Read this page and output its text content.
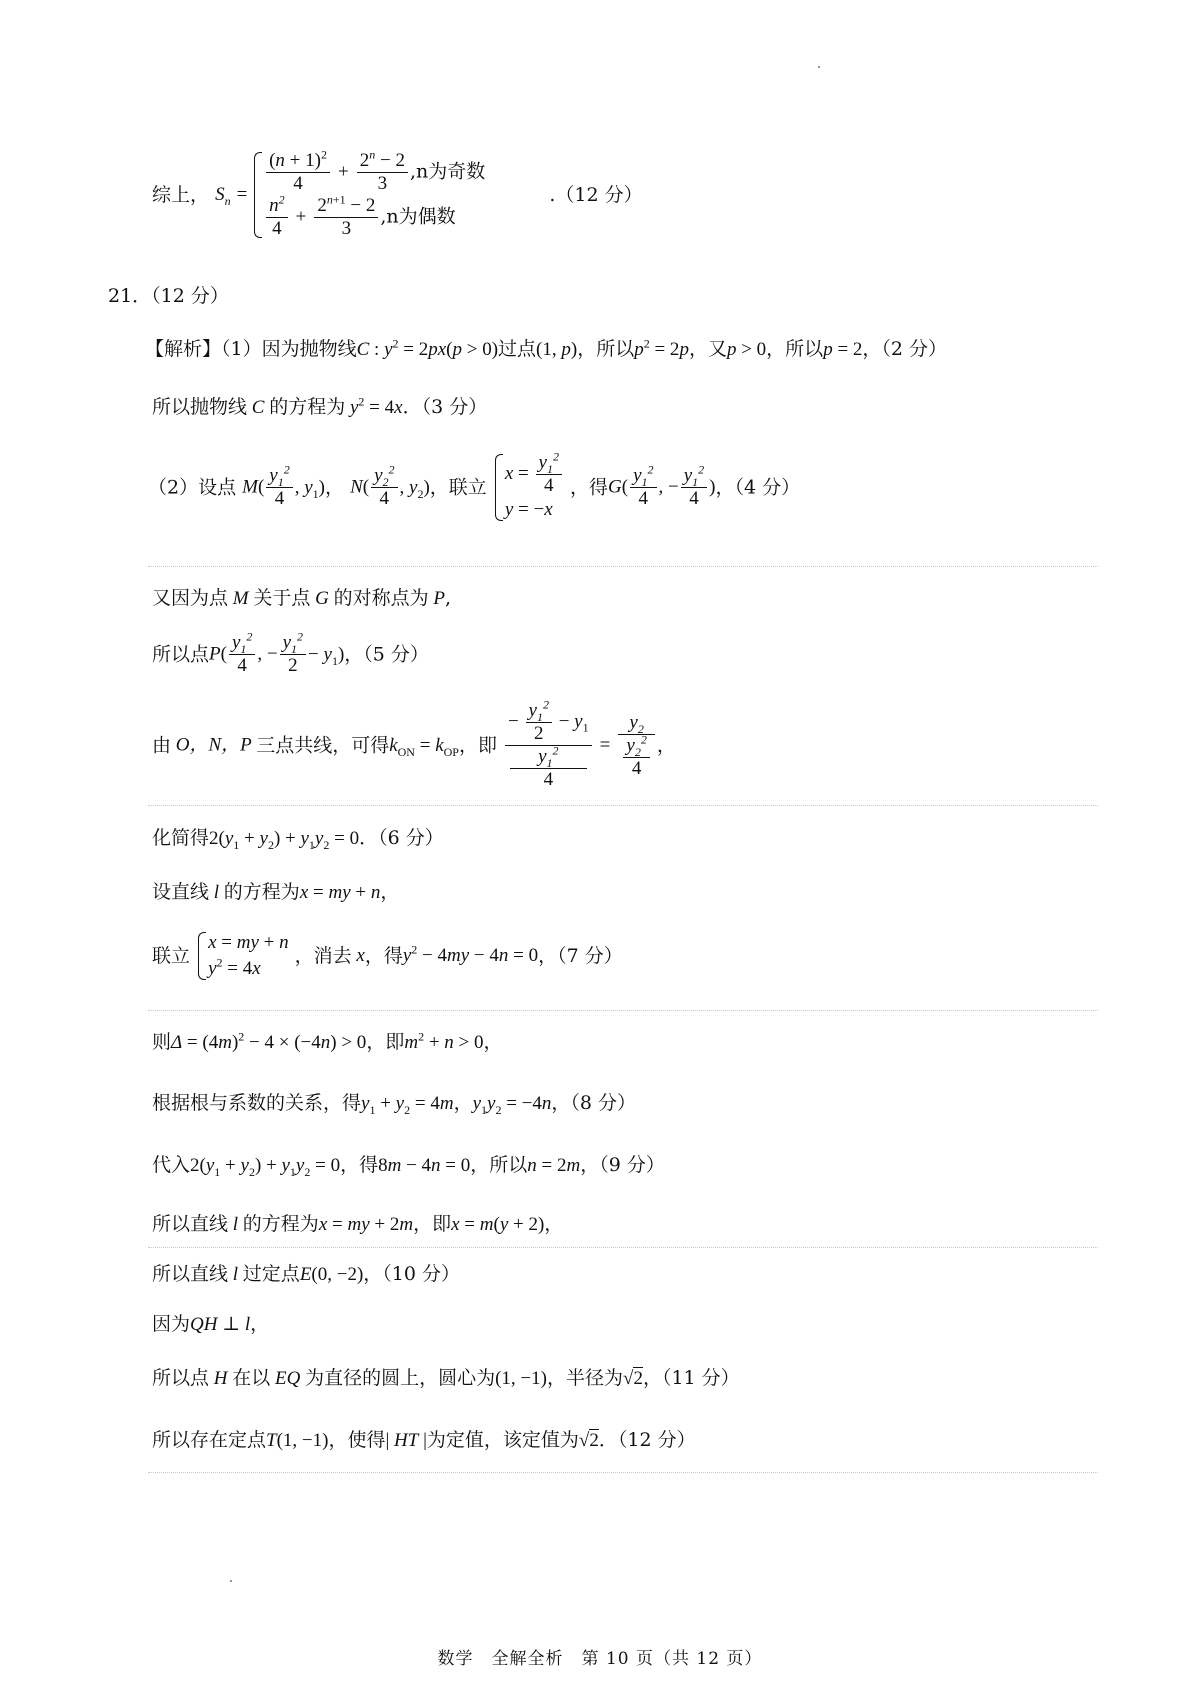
综上， $S_n = \frac{(n + 1)^2}{4} + \frac{2^n - 2}{3} ,n$为奇数
$\frac{n^2}{4} + \frac{2^{n+1} - 2}{3} ,n$为偶数
.（12 分）
21．（12 分）
【解析】（1）因为抛物线C : $y^2 = 2px(p > 0)$过点(1, p)，所以$p^2 = 2p$，又p > 0，所以p = 2，（2 分）
所以抛物线 C 的方程为 $y^2 = 4x$．（3 分）
（2）设点 $M( \frac{y_1^2}{4}$ , $y_1$)， $N( \frac{y_2^2}{4}$ , $y_2$)，联立
$x = \frac{y_1^2}{4}$
y = −x
，得$G( \frac{y_1^2}{4}$ , − $\frac{y_1^2}{4}$ )，（4 分）
又因为点 M 关于点 G 的对称点为 P,
所以点$P( \frac{y_1^2}{4}$ , − $\frac{y_1^2}{2} - y_1$)，（5 分）
由 O，N，P 三点共线，可得$k_{ON} = k_{OP}$，即 − $\frac{y_1^2}{2} - y_1$
$y_1^2$
$4 = y_2$
$y_2^2$
4 ，
化简得$2(y_1 + y_2) + y_1y_2 = 0$．（6 分）
设直线 l 的方程为x = my + n，
联立
x = my + n
$y^2 = 4x$
，消去 x，得$y^2 - 4my - 4n = 0$，（7 分）
则$\Delta = (4m)^2 - 4 \times (-4n) > 0$，即$m^2 + n > 0$，
根据根与系数的关系，得$y_1 + y_2 = 4m$，$y_1y_2 = -4n$，（8 分）
代入$2(y_1 + y_2) + y_1y_2 = 0$，得8m − 4n = 0，所以n = 2m，（9 分）
所以直线 l 的方程为x = my + 2m，即x = m(y + 2)，
所以直线 l 过定点E(0, −2)，（10 分）
因为QH ⊥ l，
所以点 H 在以 EQ 为直径的圆上，圆心为(1, −1)，半径为√2，（11 分）
所以存在定点T(1, −1)，使得| HT |为定值，该定值为√2．（12 分）
数学　全解全析　第 10 页（共 12 页）
